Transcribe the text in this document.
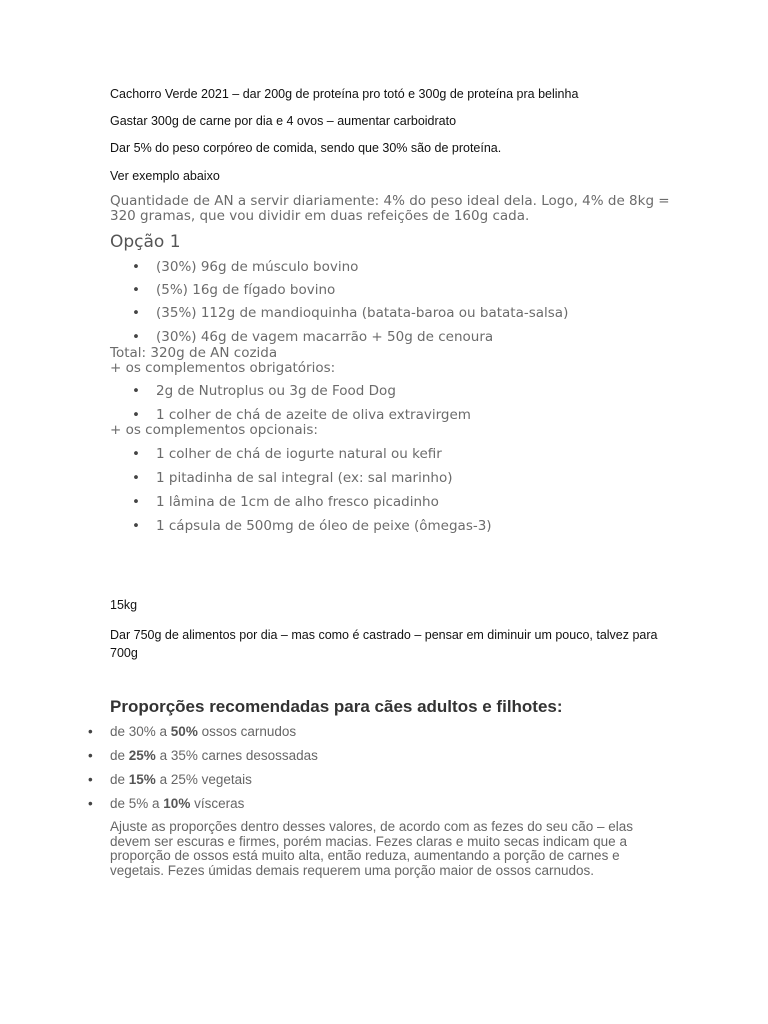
Cachorro Verde 2021 – dar 200g de proteína pro totó e 300g de proteína pra belinha

Gastar 300g de carne por dia e 4 ovos – aumentar carboidrato

Dar 5% do peso corpóreo de comida, sendo que 30% são de proteína.

Ver exemplo abaixo

Quantidade de AN a servir diariamente: 4% do peso ideal dela. Logo, 4% de 8kg = 320 gramas, que vou dividir em duas refeições de 160g cada.

Opção 1

• (30%) 96g de músculo bovino
• (5%) 16g de fígado bovino
• (35%) 112g de mandioquinha (batata-baroa ou batata-salsa)
• (30%) 46g de vagem macarrão + 50g de cenoura

Total: 320g de AN cozida

+ os complementos obrigatórios:

• 2g de Nutroplus ou 3g de Food Dog
• 1 colher de chá de azeite de oliva extravirgem

+ os complementos opcionais:

• 1 colher de chá de iogurte natural ou kefir
• 1 pitadinha de sal integral (ex: sal marinho)
• 1 lâmina de 1cm de alho fresco picadinho
• 1 cápsula de 500mg de óleo de peixe (ômegas-3)

15kg

Dar 750g de alimentos por dia – mas como é castrado – pensar em diminuir um pouco, talvez para 700g

Proporções recomendadas para cães adultos e filhotes:

• de 30% a 50% ossos carnudos
• de 25% a 35% carnes desossadas
• de 15% a 25% vegetais
• de 5% a 10% vísceras

Ajuste as proporções dentro desses valores, de acordo com as fezes do seu cão – elas devem ser escuras e firmes, porém macias. Fezes claras e muito secas indicam que a proporção de ossos está muito alta, então reduza, aumentando a porção de carnes e vegetais. Fezes úmidas demais requerem uma porção maior de ossos carnudos.
